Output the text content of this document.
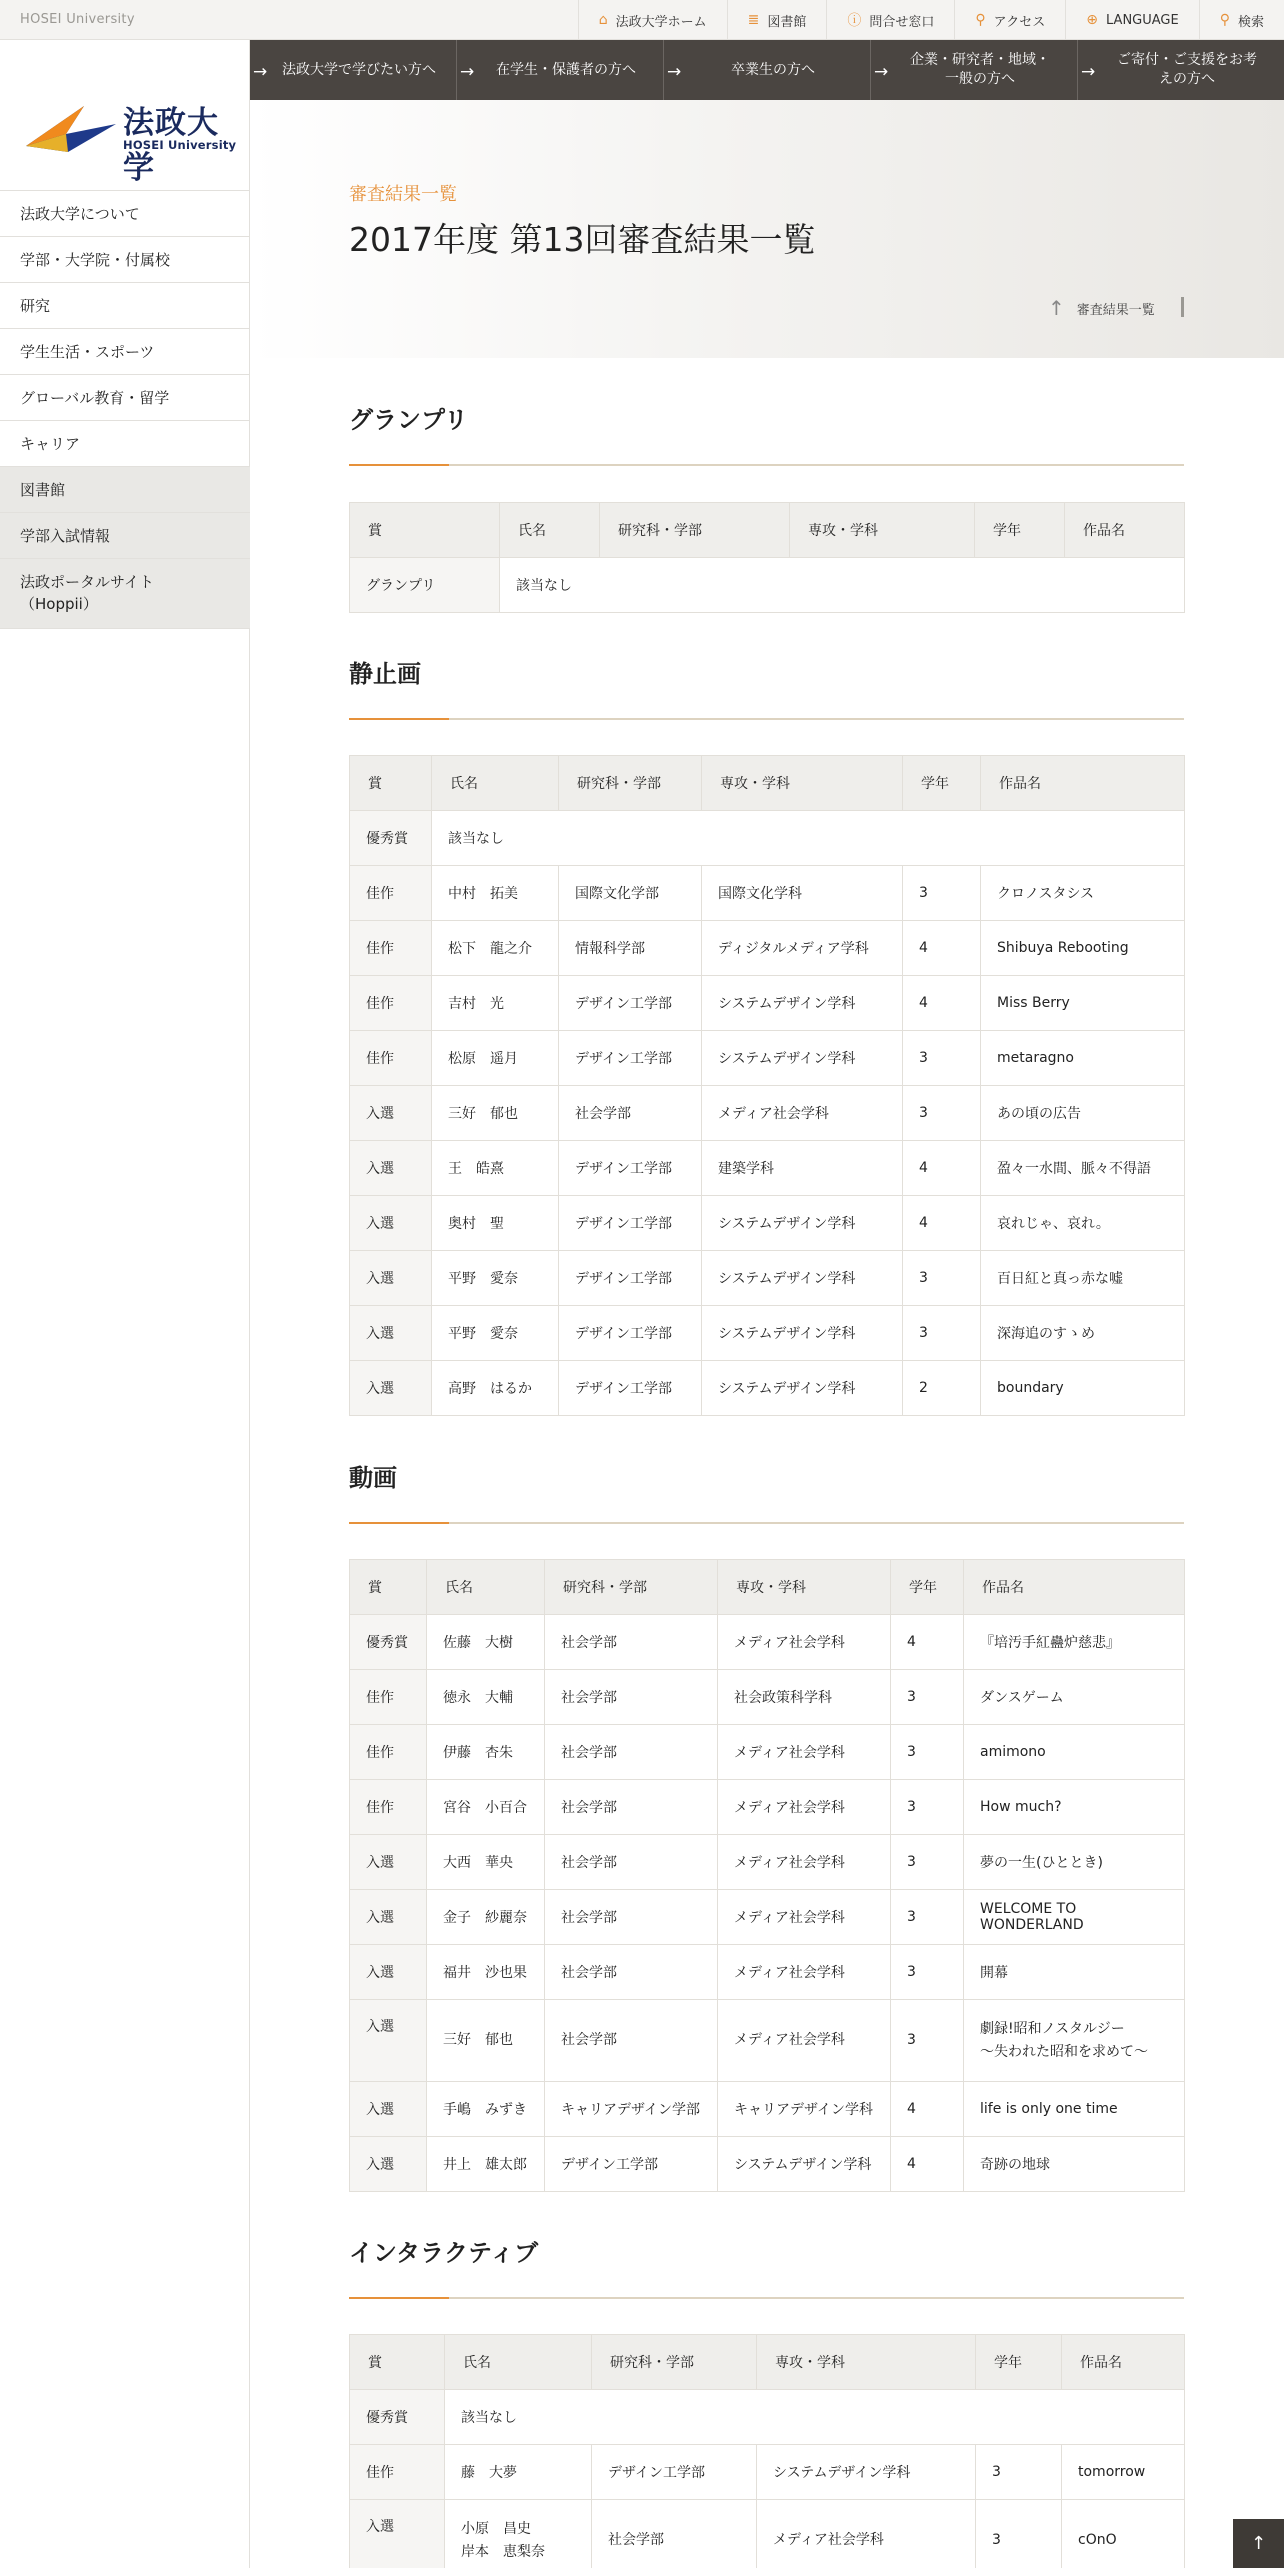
HOSEI University	⌂ 法政大学ホーム	≣ 図書館	ⓘ 問合せ窓口	⚲ アクセス	⊕ LANGUAGE	⚲ 検索
法政大学
HOSEI University
法政大学について
学部・大学院・付属校
研究
学生生活・スポーツ
グローバル教育・留学
キャリア
図書館
学部入試情報
法政ポータルサイト
（Hoppii）
→ 法政大学で学びたい方へ → 在学生・保護者の方へ →	卒業生の方へ	→
企業・研究者・地域・
一般の方へ	→
ご寄付・ご支援をお考
えの方へ
審査結果一覧
2017年度 第13回審査結果一覧
↑ 審査結果一覧
グランプリ
賞	氏名	研究科・学部	専攻・学科	学年	作品名
グランプリ	該当なし				
静止画
賞	氏名	研究科・学部	専攻・学科	学年	作品名
優秀賞	該当なし				
佳作	中村　拓美	国際文化学部	国際文化学科	3	クロノスタシス
佳作	松下　龍之介	情報科学部	ディジタルメディア学科	4	Shibuya Rebooting
佳作	吉村　光	デザイン工学部	システムデザイン学科	4	Miss Berry
佳作	松原　遥月	デザイン工学部	システムデザイン学科	3	metaragno
入選	三好　郁也	社会学部	メディア社会学科	3	あの頃の広告
入選	王　皓熹	デザイン工学部	建築学科	4	盈々一水間、脈々不得語
入選	奥村　聖	デザイン工学部	システムデザイン学科	4	哀れじゃ、哀れ。
入選	平野　愛奈	デザイン工学部	システムデザイン学科	3	百日紅と真っ赤な嘘
入選	平野　愛奈	デザイン工学部	システムデザイン学科	3	深海追のすゝめ
入選	高野　はるか	デザイン工学部	システムデザイン学科	2	boundary
動画
賞	氏名	研究科・学部	専攻・学科	学年	作品名
優秀賞	佐藤　大樹	社会学部	メディア社会学科	4	『培汚手紅蠱炉慈悲』
佳作	徳永　大輔	社会学部	社会政策科学科	3	ダンスゲーム
佳作	伊藤　杏朱	社会学部	メディア社会学科	3	amimono
佳作	宮谷　小百合	社会学部	メディア社会学科	3	How much?
入選	大西　華央	社会学部	メディア社会学科	3	夢の一生(ひととき)
入選	金子　紗麗奈	社会学部	メディア社会学科	3	WELCOME TO WONDERLAND
入選	福井　沙也果	社会学部	メディア社会学科	3	開幕
入選	三好　郁也	社会学部	メディア社会学科	3	劇録!昭和ノスタルジー
〜失われた昭和を求めて〜
入選	手嶋　みずき	キャリアデザイン学部	キャリアデザイン学科	4	life is only one time
入選	井上　雄太郎	デザイン工学部	システムデザイン学科	4	奇跡の地球
インタラクティブ
賞	氏名	研究科・学部	専攻・学科	学年	作品名
優秀賞	該当なし				
佳作	藤　大夢	デザイン工学部	システムデザイン学科	3	tomorrow
入選	小原　昌史
岸本　恵梨奈	社会学部	メディア社会学科	3	cOnO	↑
